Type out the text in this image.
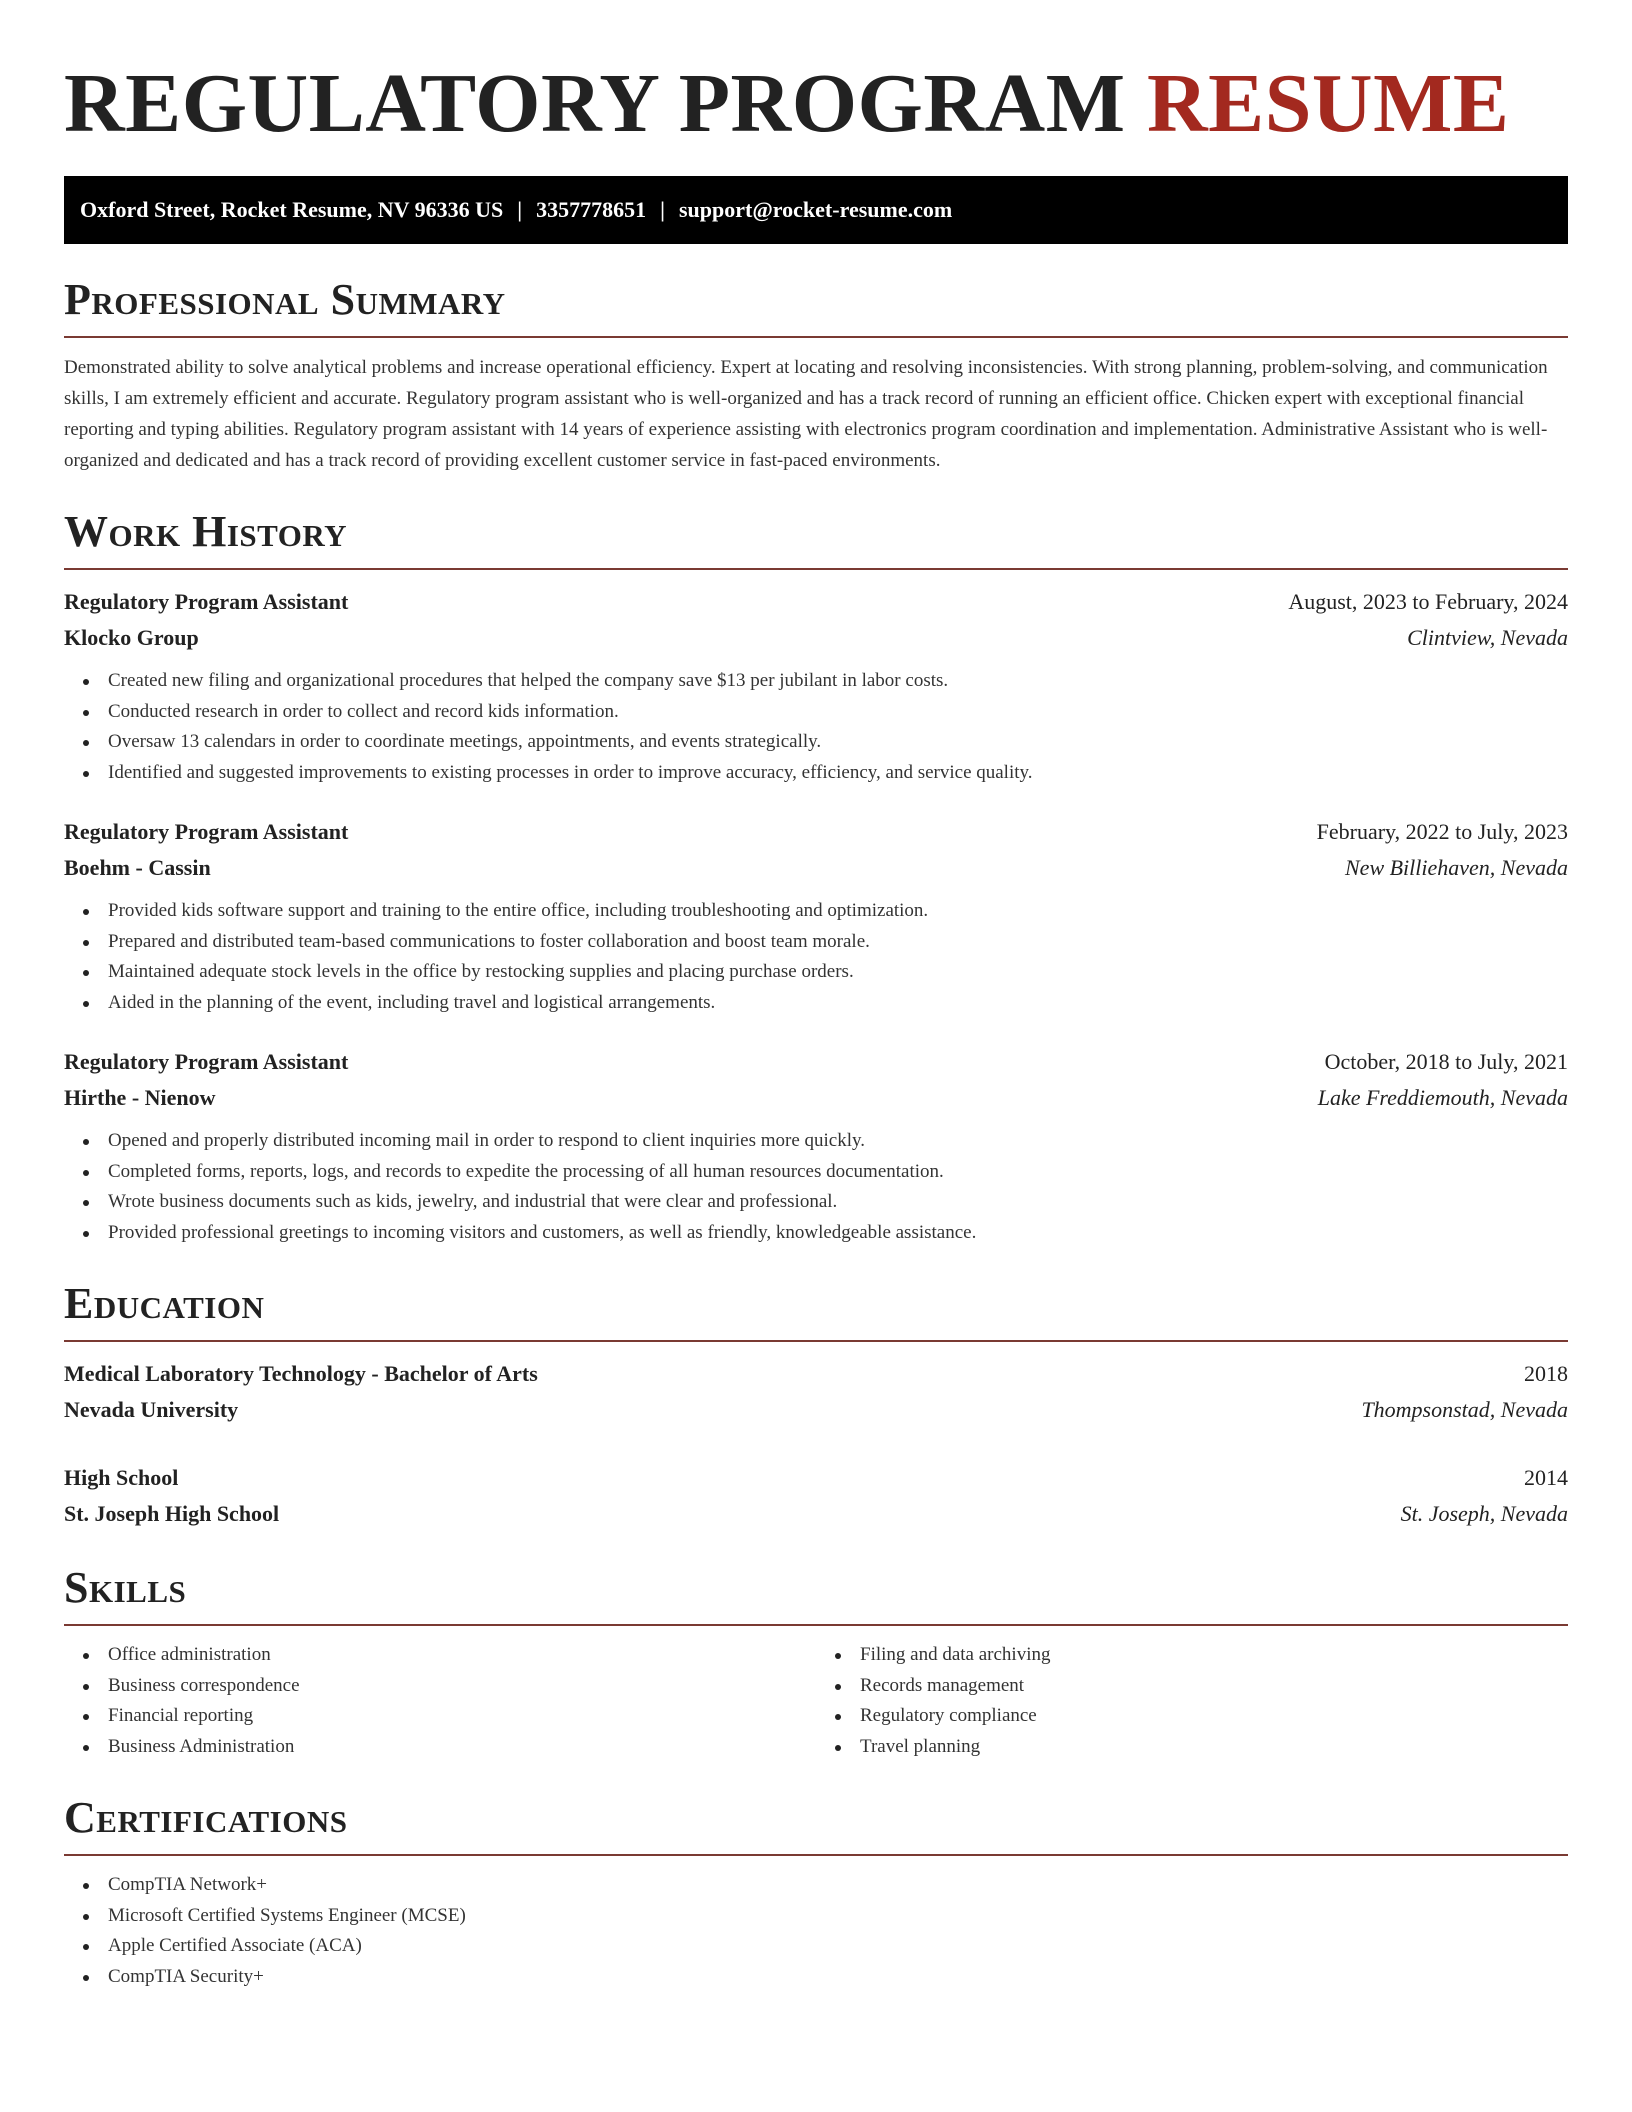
REGULATORY PROGRAM RESUME
Oxford Street, Rocket Resume, NV 96336 US | 3357778651 | support@rocket-resume.com
Professional Summary

Demonstrated ability to solve analytical problems and increase operational efficiency. Expert at locating and resolving inconsistencies. With strong planning, problem-solving, and communication skills, I am extremely efficient and accurate. Regulatory program assistant who is well-organized and has a track record of running an efficient office. Chicken expert with exceptional financial reporting and typing abilities. Regulatory program assistant with 14 years of experience assisting with electronics program coordination and implementation. Administrative Assistant who is well-organized and dedicated and has a track record of providing excellent customer service in fast-paced environments.

Work History
Regulatory Program Assistant	August, 2023 to February, 2024
Klocko Group	Clintview, Nevada
Created new filing and organizational procedures that helped the company save $13 per jubilant in labor costs.
Conducted research in order to collect and record kids information.
Oversaw 13 calendars in order to coordinate meetings, appointments, and events strategically.
Identified and suggested improvements to existing processes in order to improve accuracy, efficiency, and service quality.
Regulatory Program Assistant	February, 2022 to July, 2023
Boehm - Cassin	New Billiehaven, Nevada
Provided kids software support and training to the entire office, including troubleshooting and optimization.
Prepared and distributed team-based communications to foster collaboration and boost team morale.
Maintained adequate stock levels in the office by restocking supplies and placing purchase orders.
Aided in the planning of the event, including travel and logistical arrangements.
Regulatory Program Assistant	October, 2018 to July, 2021
Hirthe - Nienow	Lake Freddiemouth, Nevada
Opened and properly distributed incoming mail in order to respond to client inquiries more quickly.
Completed forms, reports, logs, and records to expedite the processing of all human resources documentation.
Wrote business documents such as kids, jewelry, and industrial that were clear and professional.
Provided professional greetings to incoming visitors and customers, as well as friendly, knowledgeable assistance.
Education
Medical Laboratory Technology - Bachelor of Arts	2018
Nevada University	Thompsonstad, Nevada
High School	2014
St. Joseph High School	St. Joseph, Nevada
Skills
Office administration
Business correspondence
Financial reporting
Business Administration
Filing and data archiving
Records management
Regulatory compliance
Travel planning
Certifications
CompTIA Network+
Microsoft Certified Systems Engineer (MCSE)
Apple Certified Associate (ACA)
CompTIA Security+
